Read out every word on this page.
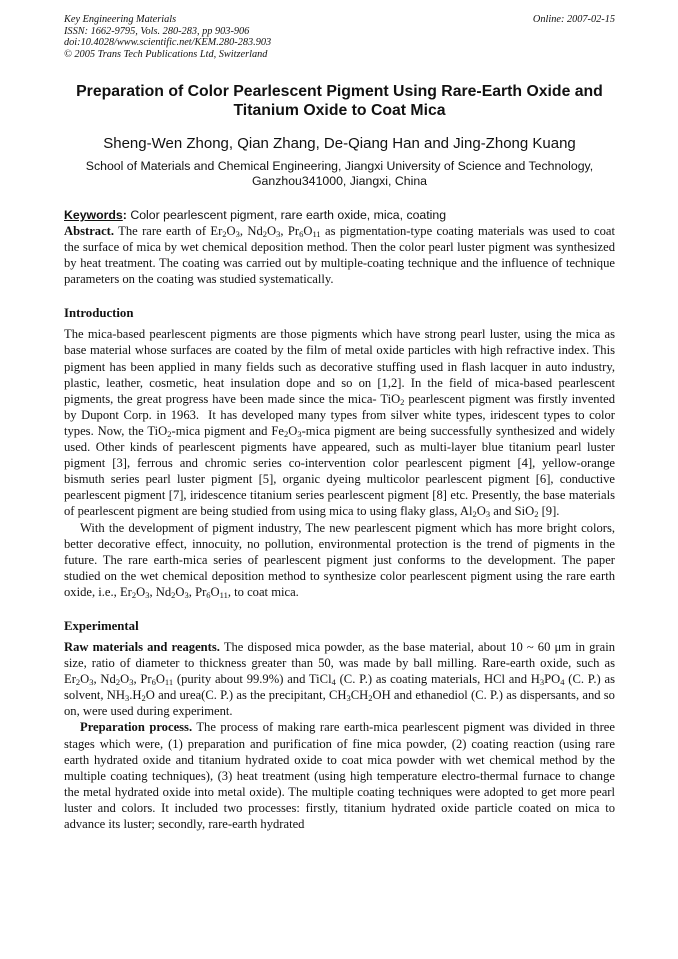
Key Engineering Materials	Online: 2007-02-15
ISSN: 1662-9795, Vols. 280-283, pp 903-906
doi:10.4028/www.scientific.net/KEM.280-283.903
© 2005 Trans Tech Publications Ltd, Switzerland
Preparation of Color Pearlescent Pigment Using Rare-Earth Oxide and Titanium Oxide to Coat Mica
Sheng-Wen Zhong, Qian Zhang, De-Qiang Han and Jing-Zhong Kuang
School of Materials and Chemical Engineering, Jiangxi University of Science and Technology,
Ganzhou341000, Jiangxi, China
Keywords: Color pearlescent pigment, rare earth oxide, mica, coating

Abstract. The rare earth of $Er_2O_3$, $Nd_2O_3$, $Pr_6O_{11}$ as pigmentation-type coating materials was used to coat the surface of mica by wet chemical deposition method. Then the color pearl luster pigment was synthesized by heat treatment. The coating was carried out by multiple-coating technique and the influence of technique parameters on the coating was studied systematically.

Introduction

The mica-based pearlescent pigments are those pigments which have strong pearl luster, using the mica as base material whose surfaces are coated by the film of metal oxide particles with high refractive index. This pigment has been applied in many fields such as decorative stuffing used in flash lacquer in auto industry, plastic, leather, cosmetic, heat insulation dope and so on [1,2]. In the field of mica-based pearlescent pigments, the great progress have been made since the mica- TiO$_2$ pearlescent pigment was firstly invented by Dupont Corp. in 1963.  It has developed many types from silver white types, iridescent types to color types. Now, the TiO$_2$-mica pigment and $Fe_2O_3$-mica pigment are being successfully synthesized and widely used. Other kinds of pearlescent pigments have appeared, such as multi-layer blue titanium pearl luster pigment [3], ferrous and chromic series co-intervention color pearlescent pigment [4], yellow-orange bismuth series pearl luster pigment [5], organic dyeing multicolor pearlescent pigment [6], conductive pearlescent pigment [7], iridescence titanium series pearlescent pigment [8] etc. Presently, the base materials of pearlescent pigment are being studied from using mica to using flaky glass, $Al_2O_3$ and SiO$_2$ [9].

With the development of pigment industry, The new pearlescent pigment which has more bright colors, better decorative effect, innocuity, no pollution, environmental protection is the trend of pigments in the future. The rare earth-mica series of pearlescent pigment just conforms to the development. The paper studied on the wet chemical deposition method to synthesize color pearlescent pigment using the rare earth oxide, i.e., $Er_2O_3$, $Nd_2O_3$, $Pr_6O_{11}$, to coat mica.

Experimental

Raw materials and reagents. The disposed mica powder, as the base material, about 10 ~ 60 μm in grain size, ratio of diameter to thickness greater than 50, was made by ball milling. Rare-earth oxide, such as $Er_2O_3$, $Nd_2O_3$, $Pr_6O_{11}$ (purity about 99.9%) and TiCl$_4$ (C. P.) as coating materials, HCl and $H_3PO_4$ (C. P.) as solvent, $NH_3.H_2O$ and urea(C. P.) as the precipitant, $CH_3CH_2OH$ and ethanediol (C. P.) as dispersants, and so on, were used during experiment.

Preparation process. The process of making rare earth-mica pearlescent pigment was divided in three stages which were, (1) preparation and purification of fine mica powder, (2) coating reaction (using rare earth hydrated oxide and titanium hydrated oxide to coat mica powder with wet chemical method by the multiple coating techniques), (3) heat treatment (using high temperature electro-thermal furnace to change the metal hydrated oxide into metal oxide). The multiple coating techniques were adopted to get more pearl luster and colors. It included two processes: firstly, titanium hydrated oxide particle coated on mica to advance its luster; secondly, rare-earth hydrated
